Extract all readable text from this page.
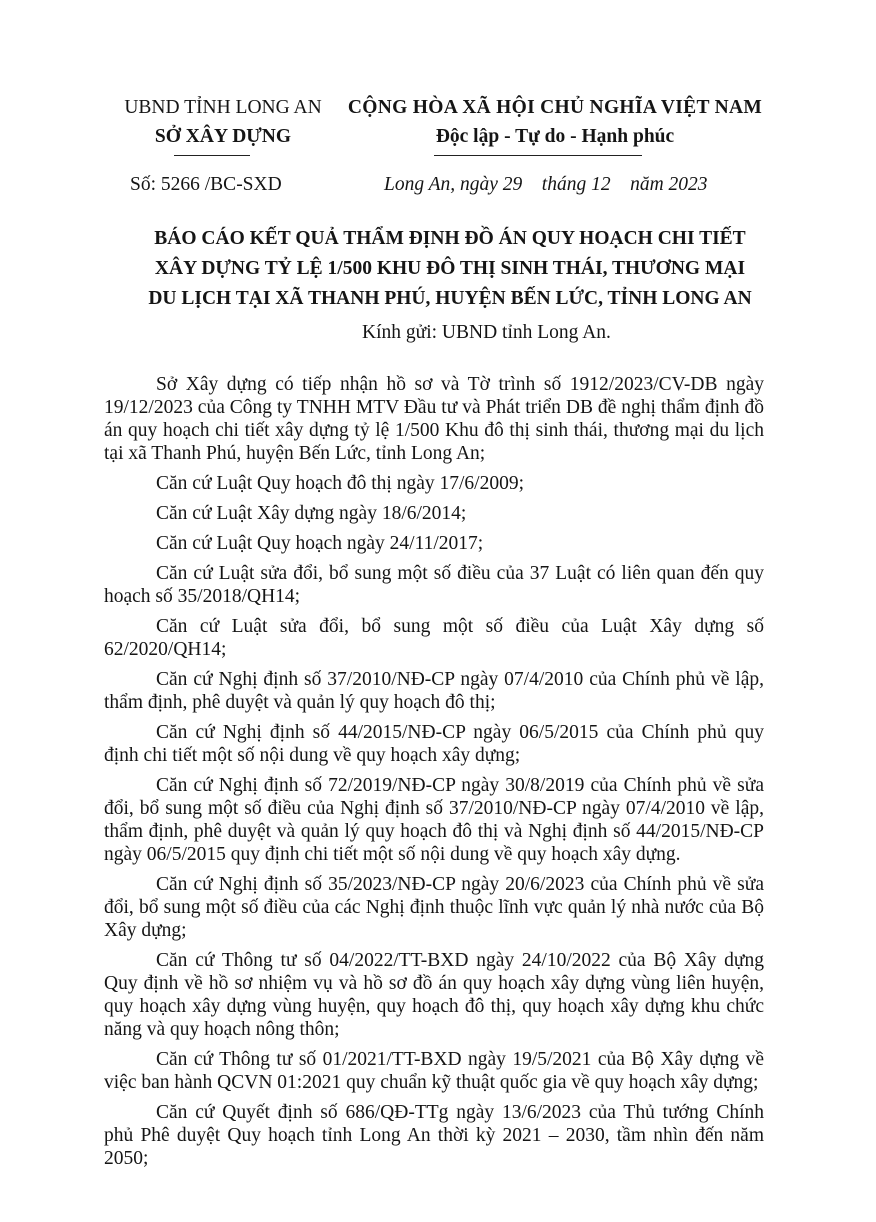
UBND TỈNH LONG AN
SỞ XÂY DỰNG
CỘNG HÒA XÃ HỘI CHỦ NGHĨA VIỆT NAM
Độc lập - Tự do - Hạnh phúc
Số: 5266 /BC-SXD	Long An, ngày 29    tháng 12    năm 2023
BÁO CÁO KẾT QUẢ THẨM ĐỊNH ĐỒ ÁN QUY HOẠCH CHI TIẾT
XÂY DỰNG TỶ LỆ 1/500 KHU ĐÔ THỊ SINH THÁI, THƯƠNG MẠI
DU LỊCH TẠI XÃ THANH PHÚ, HUYỆN BẾN LỨC, TỈNH LONG AN
Kính gửi: UBND tỉnh Long An.

Sở Xây dựng có tiếp nhận hồ sơ và Tờ trình số 1912/2023/CV-DB ngày 19/12/2023 của Công ty TNHH MTV Đầu tư và Phát triển DB đề nghị thẩm định đồ án quy hoạch chi tiết xây dựng tỷ lệ 1/500 Khu đô thị sinh thái, thương mại du lịch tại xã Thanh Phú, huyện Bến Lức, tỉnh Long An;

Căn cứ Luật Quy hoạch đô thị ngày 17/6/2009;

Căn cứ Luật Xây dựng ngày 18/6/2014;

Căn cứ Luật Quy hoạch ngày 24/11/2017;

Căn cứ Luật sửa đổi, bổ sung một số điều của 37 Luật có liên quan đến quy hoạch số 35/2018/QH14;

Căn cứ Luật sửa đổi, bổ sung một số điều của Luật Xây dựng số 62/2020/QH14;

Căn cứ Nghị định số 37/2010/NĐ-CP ngày 07/4/2010 của Chính phủ về lập, thẩm định, phê duyệt và quản lý quy hoạch đô thị;

Căn cứ Nghị định số 44/2015/NĐ-CP ngày 06/5/2015 của Chính phủ quy định chi tiết một số nội dung về quy hoạch xây dựng;

Căn cứ Nghị định số 72/2019/NĐ-CP ngày 30/8/2019 của Chính phủ về sửa đổi, bổ sung một số điều của Nghị định số 37/2010/NĐ-CP ngày 07/4/2010 về lập, thẩm định, phê duyệt và quản lý quy hoạch đô thị và Nghị định số 44/2015/NĐ-CP ngày 06/5/2015 quy định chi tiết một số nội dung về quy hoạch xây dựng.

Căn cứ Nghị định số 35/2023/NĐ-CP ngày 20/6/2023 của Chính phủ về sửa đổi, bổ sung một số điều của các Nghị định thuộc lĩnh vực quản lý nhà nước của Bộ Xây dựng;

Căn cứ Thông tư số 04/2022/TT-BXD ngày 24/10/2022 của Bộ Xây dựng Quy định về hồ sơ nhiệm vụ và hồ sơ đồ án quy hoạch xây dựng vùng liên huyện, quy hoạch xây dựng vùng huyện, quy hoạch đô thị, quy hoạch xây dựng khu chức năng và quy hoạch nông thôn;

Căn cứ Thông tư số 01/2021/TT-BXD ngày 19/5/2021 của Bộ Xây dựng về việc ban hành QCVN 01:2021 quy chuẩn kỹ thuật quốc gia về quy hoạch xây dựng;

Căn cứ Quyết định số 686/QĐ-TTg ngày 13/6/2023 của Thủ tướng Chính phủ Phê duyệt Quy hoạch tỉnh Long An thời kỳ 2021 – 2030, tầm nhìn đến năm 2050;
